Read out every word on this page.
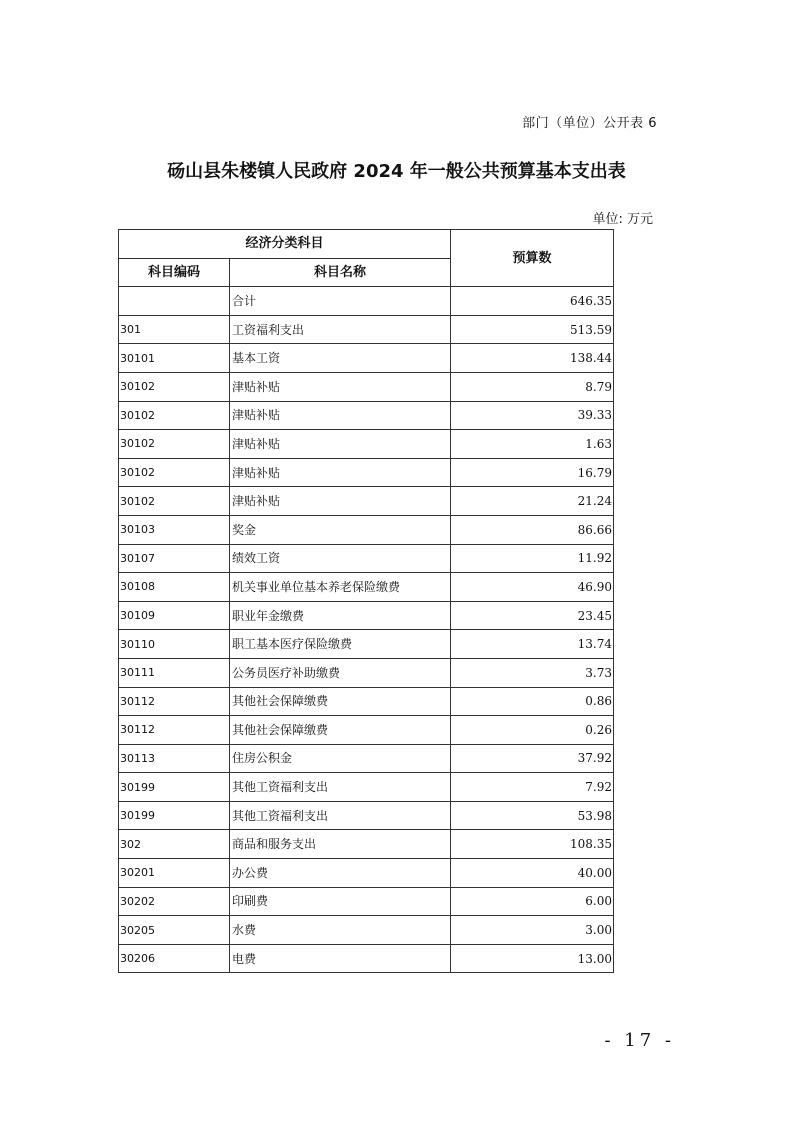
部门（单位）公开表 6
砀山县朱楼镇人民政府 2024 年一般公共预算基本支出表
单位: 万元
经济分类科目		预算数
科目编码	科目名称	
	合计	646.35
301	工资福利支出	513.59
30101	基本工资	138.44
30102	津贴补贴	8.79
30102	津贴补贴	39.33
30102	津贴补贴	1.63
30102	津贴补贴	16.79
30102	津贴补贴	21.24
30103	奖金	86.66
30107	绩效工资	11.92
30108	机关事业单位基本养老保险缴费	46.90
30109	职业年金缴费	23.45
30110	职工基本医疗保险缴费	13.74
30111	公务员医疗补助缴费	3.73
30112	其他社会保障缴费	0.86
30112	其他社会保障缴费	0.26
30113	住房公积金	37.92
30199	其他工资福利支出	7.92
30199	其他工资福利支出	53.98
302	商品和服务支出	108.35
30201	办公费	40.00
30202	印刷费	6.00
30205	水费	3.00
30206	电费	13.00
- 17 -
